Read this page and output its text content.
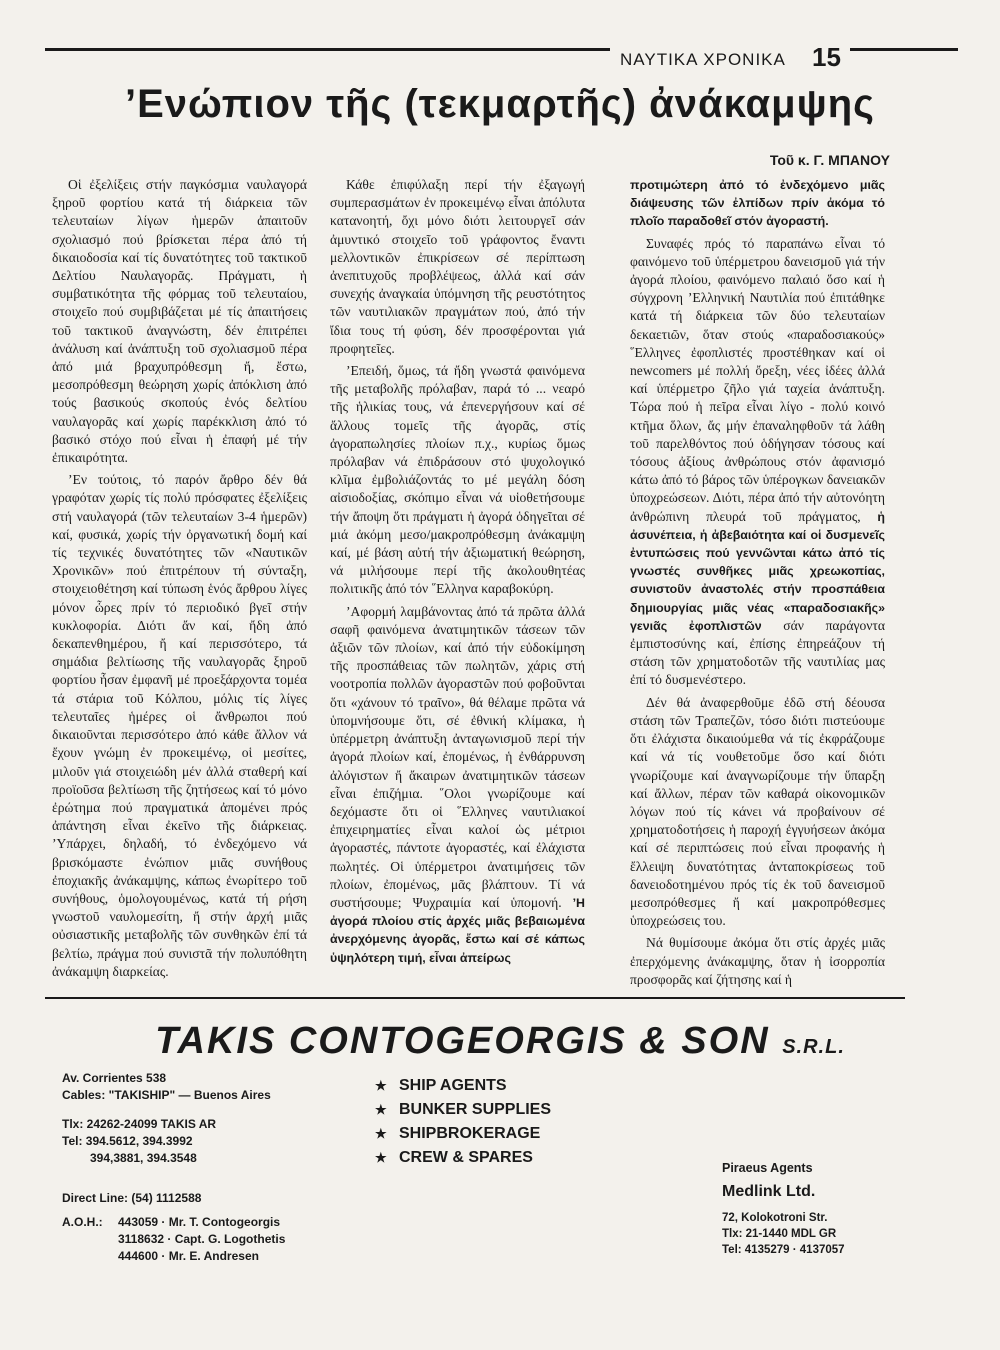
ΝΑΥΤΙΚΑ ΧΡΟΝΙΚΑ 15
’Ενώπιον τῆς (τεκμαρτῆς) ἀνάκαμψης
Τοῦ κ. Γ. ΜΠΑΝΟΥ

Οἱ ἐξελίξεις στήν παγκόσμια ναυλαγορά ξηροῦ φορτίου κατά τή διάρκεια τῶν τελευταίων λίγων ἡμερῶν ἀπαιτοῦν σχολιασμό πού βρίσκεται πέρα ἀπό τή δικαιοδοσία καί τίς δυνατότητες τοῦ τακτικοῦ Δελτίου Ναυλαγορᾶς. Πράγματι, ἡ συμβατικότητα τῆς φόρμας τοῦ τελευταίου, στοιχεῖο πού συμβιβάζεται μέ τίς ἀπαιτήσεις τοῦ τακτικοῦ ἀναγνώστη, δέν ἐπιτρέπει ἀνάλυση καί ἀνάπτυξη τοῦ σχολιασμοῦ πέρα ἀπό μιά βραχυπρόθεσμη ἤ, ἔστω, μεσοπρόθεσμη θεώρηση χωρίς ἀπόκλιση ἀπό τούς βασικούς σκοπούς ἑνός δελτίου ναυλαγορᾶς καί χωρίς παρέκκλιση ἀπό τό βασικό στόχο πού εἶναι ἡ ἐπαφή μέ τήν ἐπικαιρότητα.

’Εν τούτοις, τό παρόν ἄρθρο δέν θά γραφόταν χωρίς τίς πολύ πρόσφατες ἐξελίξεις στή ναυλαγορά (τῶν τελευταίων 3-4 ἡμερῶν) καί, φυσικά, χωρίς τήν ὀργανωτική δομή καί τίς τεχνικές δυνατότητες τῶν «Ναυτικῶν Χρονικῶν» πού ἐπιτρέπουν τή σύνταξη, στοιχειοθέτηση καί τύπωση ἑνός ἄρθρου λίγες μόνον ὧρες πρίν τό περιοδικό βγεῖ στήν κυκλοφορία. Διότι ἄν καί, ἤδη ἀπό δεκαπενθημέρου, ἤ καί περισσότερο, τά σημάδια βελτίωσης τῆς ναυλαγορᾶς ξηροῦ φορτίου ἦσαν ἐμφανῆ μέ προεξάρχοντα τομέα τά στάρια τοῦ Κόλπου, μόλις τίς λίγες τελευταῖες ἡμέρες οἱ ἄνθρωποι πού δικαιοῦνται περισσότερο ἀπό κάθε ἄλλον νά ἔχουν γνώμη ἐν προκειμένῳ, οἱ μεσίτες, μιλοῦν γιά στοιχειώδη μέν ἀλλά σταθερή καί προϊοῦσα βελτίωση τῆς ζητήσεως καί τό μόνο ἐρώτημα πού πραγματικά ἀπομένει πρός ἀπάντηση εἶναι ἐκεῖνο τῆς διάρκειας. ’Υπάρχει, δηλαδή, τό ἐνδεχόμενο νά βρισκόμαστε ἐνώπιον μιᾶς συνήθους ἐποχιακῆς ἀνάκαμψης, κάπως ἐνωρίτερο τοῦ συνήθους, ὁμολογουμένως, κατά τή ρήση γνωστοῦ ναυλομεσίτη, ἤ στήν ἀρχή μιᾶς οὐσιαστικῆς μεταβολῆς τῶν συνθηκῶν ἐπί τά βελτίω, πράγμα πού συνιστᾶ τήν πολυπόθητη ἀνάκαμψη διαρκείας.

Κάθε ἐπιφύλαξη περί τήν ἐξαγωγή συμπερασμάτων ἐν προκειμένῳ εἶναι ἀπόλυτα κατανοητή, ὄχι μόνο διότι λειτουργεῖ σάν ἀμυντικό στοιχεῖο τοῦ γράφοντος ἔναντι μελλοντικῶν ἐπικρίσεων σέ περίπτωση ἀνεπιτυχοῦς προβλέψεως, ἀλλά καί σάν συνεχής ἀναγκαία ὑπόμνηση τῆς ρευστότητος τῶν ναυτιλιακῶν πραγμάτων πού, ἀπό τήν ἴδια τους τή φύση, δέν προσφέρονται γιά προφητεῖες.

’Επειδή, ὅμως, τά ἤδη γνωστά φαινόμενα τῆς μεταβολῆς πρόλαβαν, παρά τό ... νεαρό τῆς ἡλικίας τους, νά ἐπενεργήσουν καί σέ ἄλλους τομεῖς τῆς ἀγορᾶς, στίς ἀγοραπωλησίες πλοίων π.χ., κυρίως ὅμως πρόλαβαν νά ἐπιδράσουν στό ψυχολογικό κλῖμα ἐμβολιάζοντάς το μέ μεγάλη δόση αἰσιοδοξίας, σκόπιμο εἶναι νά υἱοθετήσουμε τήν ἄποψη ὅτι πράγματι ἡ ἀγορά ὁδηγεῖται σέ μιά ἀκόμη μεσο/μακροπρόθεσμη ἀνάκαμψη καί, μέ βάση αὐτή τήν ἀξιωματική θεώρηση, νά μιλήσουμε περί τῆς ἀκολουθητέας πολιτικῆς ἀπό τόν ῞Ελληνα καραβοκύρη.

’Αφορμή λαμβάνοντας ἀπό τά πρῶτα ἀλλά σαφῆ φαινόμενα ἀνατιμητικῶν τάσεων τῶν ἀξιῶν τῶν πλοίων, καί ἀπό τήν εὐδοκίμηση τῆς προσπάθειας τῶν πωλητῶν, χάρις στή νοοτροπία πολλῶν ἀγοραστῶν πού φοβοῦνται ὅτι «χάνουν τό τραῖνο», θά θέλαμε πρῶτα νά ὑπομνήσουμε ὅτι, σέ ἐθνική κλίμακα, ἡ ὑπέρμετρη ἀνάπτυξη ἀνταγωνισμοῦ περί τήν ἀγορά πλοίων καί, ἐπομένως, ἡ ἐνθάρρυνση ἀλόγιστων ἤ ἄκαιρων ἀνατιμητικῶν τάσεων εἶναι ἐπιζήμια. ῞Ολοι γνωρίζουμε καί δεχόμαστε ὅτι οἱ ῞Ελληνες ναυτιλιακοί ἐπιχειρηματίες εἶναι καλοί ὡς μέτριοι ἀγοραστές, πάντοτε ἀγοραστές, καί ἐλάχιστα πωλητές. Οἱ ὑπέρμετροι ἀνατιμήσεις τῶν πλοίων, ἐπομένως, μᾶς βλάπτουν. Τί νά συστήσουμε; Ψυχραιμία καί ὑπομονή. ’Η ἀγορά πλοίου στίς ἀρχές μιᾶς βεβαιωμένα ἀνερχόμενης ἀγορᾶς, ἔστω καί σέ κάπως ὑψηλότερη τιμή, εἶναι ἀπείρως

προτιμώτερη ἀπό τό ἐνδεχόμενο μιᾶς διάψευσης τῶν ἐλπίδων πρίν ἀκόμα τό πλοῖο παραδοθεῖ στόν ἀγοραστή.

Συναφές πρός τό παραπάνω εἶναι τό φαινόμενο τοῦ ὑπέρμετρου δανεισμοῦ γιά τήν ἀγορά πλοίου, φαινόμενο παλαιό ὅσο καί ἡ σύγχρονη ’Ελληνική Ναυτιλία πού ἐπιτάθηκε κατά τή διάρκεια τῶν δύο τελευταίων δεκαετιῶν, ὅταν στούς «παραδοσιακούς» ῞Ελληνες ἐφοπλιστές προστέθηκαν καί οἱ newcomers μέ πολλή ὄρεξη, νέες ἰδέες ἀλλά καί ὑπέρμετρο ζῆλο γιά ταχεία ἀνάπτυξη. Τώρα πού ἡ πεῖρα εἶναι λίγο - πολύ κοινό κτῆμα ὅλων, ἄς μήν ἐπαναληφθοῦν τά λάθη τοῦ παρελθόντος πού ὁδήγησαν τόσους καί τόσους ἀξίους ἀνθρώπους στόν ἀφανισμό κάτω ἀπό τό βάρος τῶν ὑπέρογκων δανειακῶν ὑποχρεώσεων. Διότι, πέρα ἀπό τήν αὐτονόητη ἀνθρώπινη πλευρά τοῦ πράγματος, ἡ ἀσυνέπεια, ἡ ἀβεβαιότητα καί οἱ δυσμενεῖς ἐντυπώσεις πού γεννῶνται κάτω ἀπό τίς γνωστές συνθῆκες μιᾶς χρεωκοπίας, συνιστοῦν ἀναστολές στήν προσπάθεια δημιουργίας μιᾶς νέας «παραδοσιακῆς» γενιᾶς ἐφοπλιστῶν σάν παράγοντα ἐμπιστοσύνης καί, ἐπίσης ἐπηρεάζουν τή στάση τῶν χρηματοδοτῶν τῆς ναυτιλίας μας ἐπί τό δυσμενέστερο.

Δέν θά ἀναφερθοῦμε ἐδῶ στή δέουσα στάση τῶν Τραπεζῶν, τόσο διότι πιστεύουμε ὅτι ἐλάχιστα δικαιούμεθα νά τίς ἐκφράζουμε καί νά τίς νουθετοῦμε ὅσο καί διότι γνωρίζουμε καί ἀναγνωρίζουμε τήν ὕπαρξη καί ἄλλων, πέραν τῶν καθαρά οἰκονομικῶν λόγων πού τίς κάνει νά προβαίνουν σέ χρηματοδοτήσεις ἡ παροχή ἐγγυήσεων ἀκόμα καί σέ περιπτώσεις πού εἶναι προφανής ἡ ἔλλειψη δυνατότητας ἀνταποκρίσεως τοῦ δανειοδοτημένου πρός τίς ἐκ τοῦ δανεισμοῦ μεσοπρόθεσμες ἤ καί μακροπρόθεσμες ὑποχρεώσεις του.

Νά θυμίσουμε ἀκόμα ὅτι στίς ἀρχές μιᾶς ἐπερχόμενης ἀνάκαμψης, ὅταν ἡ ἰσορροπία προσφορᾶς καί ζήτησης καί ἡ

TAKIS CONTOGEORGIS & SON S.R.L.
Av. Corrientes 538
Cables: "TAKISHIP" — Buenos Aires
Tlx: 24262-24099 TAKIS AR
Tel: 394.5612, 394.3992
394,3881, 394.3548
Direct Line: (54) 1112588
A.O.H.: 443059 · Mr. T. Contogeorgis
3118632 · Capt. G. Logothetis
444600 · Mr. E. Andresen
★ SHIP AGENTS
★ BUNKER SUPPLIES
★ SHIPBROKERAGE
★ CREW & SPARES
Piraeus Agents
Medlink Ltd.
72, Kolokotroni Str.
Tlx: 21-1440 MDL GR
Tel: 4135279 · 4137057
